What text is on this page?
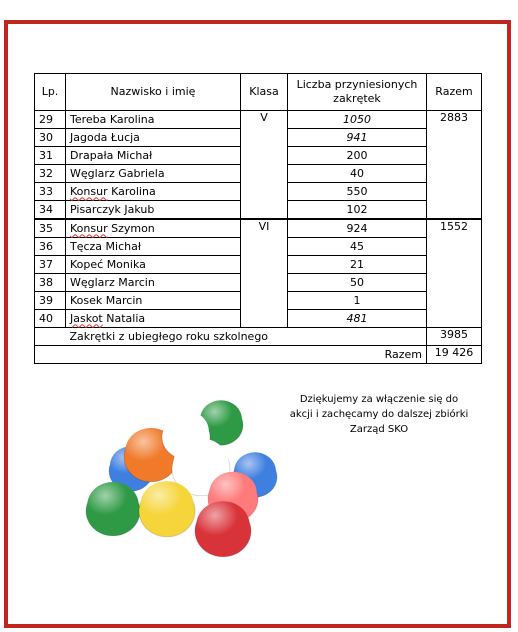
Lp.	Nazwisko i imię	Klasa	Liczba przyniesionych zakrętek	Razem
29	Tereba Karolina	V	1050	2883
30	Jagoda Łucja		941	
31	Drapała Michał		200	
32	Węglarz Gabriela		40	
33	Konsur Karolina		550	
34	Pisarczyk Jakub		102	
35	Konsur Szymon	VI	924	1552
36	Tęcza Michał		45	
37	Kopeć Monika		21	
38	Węglarz Marcin		50	
39	Kosek Marcin		1	
40	Jaskot Natalia		481	
	Zakrętki z ubiegłego roku szkolnego			3985
Razem				19 426
Dziękujemy za włączenie się do
akcji i zachęcamy do dalszej zbiórki
Zarząd SKO
